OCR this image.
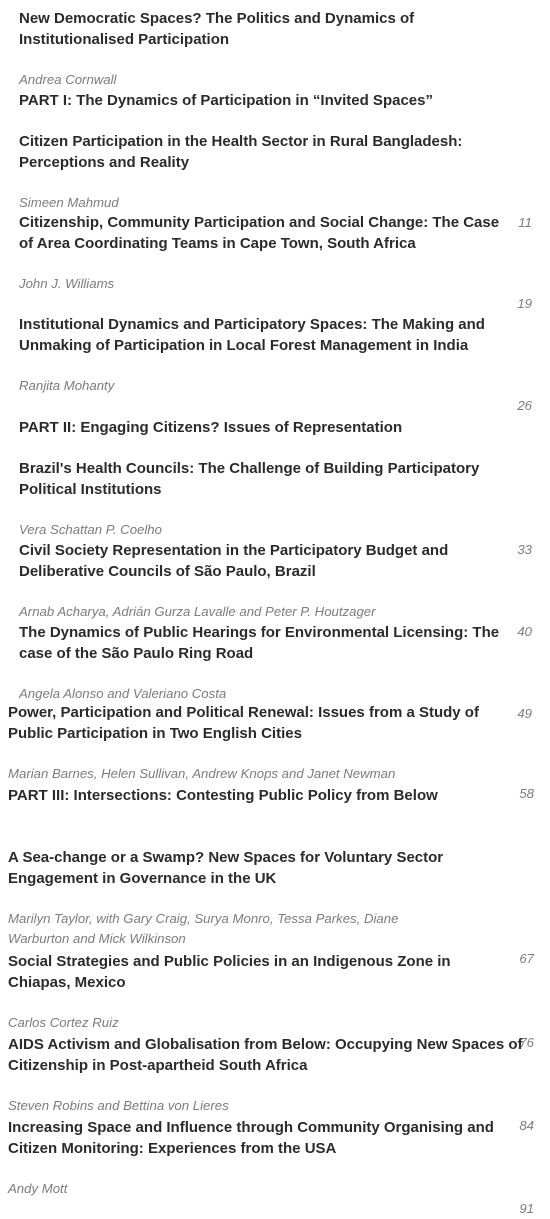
New Democratic Spaces? The Politics and Dynamics of Institutionalised Participation

Andrea Cornwall

PART I: The Dynamics of Participation in “Invited Spaces”
Citizen Participation in the Health Sector in Rural Bangladesh: Perceptions and Reality

Simeen Mahmud

11

Citizenship, Community Participation and Social Change: The Case of Area Coordinating Teams in Cape Town, South Africa

John J. Williams

19

Institutional Dynamics and Participatory Spaces: The Making and Unmaking of Participation in Local Forest Management in India

Ranjita Mohanty

26

PART II: Engaging Citizens? Issues of Representation
Brazil's Health Councils: The Challenge of Building Participatory Political Institutions

Vera Schattan P. Coelho

33

Civil Society Representation in the Participatory Budget and Deliberative Councils of São Paulo, Brazil

Arnab Acharya, Adrián Gurza Lavalle and Peter P. Houtzager

40

The Dynamics of Public Hearings for Environmental Licensing: The case of the São Paulo Ring Road

Angela Alonso and Valeriano Costa

49

Power, Participation and Political Renewal: Issues from a Study of Public Participation in Two English Cities

Marian Barnes, Helen Sullivan, Andrew Knops and Janet Newman

58

PART III: Intersections: Contesting Public Policy from Below
A Sea-change or a Swamp? New Spaces for Voluntary Sector Engagement in Governance in the UK

Marilyn Taylor, with Gary Craig, Surya Monro, Tessa Parkes, Diane Warburton and Mick Wilkinson

67

Social Strategies and Public Policies in an Indigenous Zone in Chiapas, Mexico

Carlos Cortez Ruiz

76

AIDS Activism and Globalisation from Below: Occupying New Spaces of Citizenship in Post-apartheid South Africa

Steven Robins and Bettina von Lieres

84

Increasing Space and Influence through Community Organising and Citizen Monitoring: Experiences from the USA

Andy Mott

91
